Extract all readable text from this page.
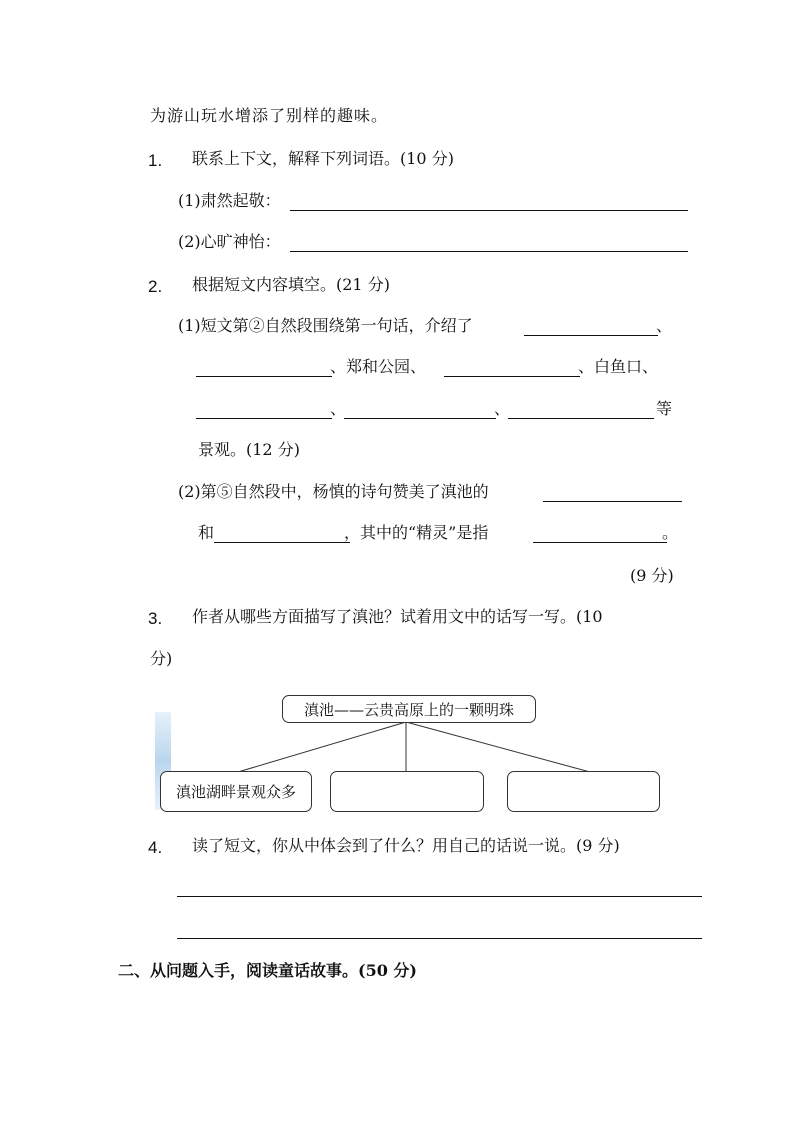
为游山玩水增添了别样的趣味。
1. 联系上下文，解释下列词语。(10 分)
(1)肃然起敬：
(2)心旷神怡：
2. 根据短文内容填空。(21 分)
(1)短文第②自然段围绕第一句话，介绍了	、
、郑和公园、	、白鱼口、
、	、	等
景观。(12 分)
(2)第⑤自然段中，杨慎的诗句赞美了滇池的
和	，其中的“精灵”是指	。
(9 分)
3. 作者从哪些方面描写了滇池？试着用文中的话写一写。(10
分)
滇池——云贵高原上的一颗明珠
滇池湖畔景观众多
4. 读了短文，你从中体会到了什么？用自己的话说一说。(9 分)
二、从问题入手，阅读童话故事。(50 分)
